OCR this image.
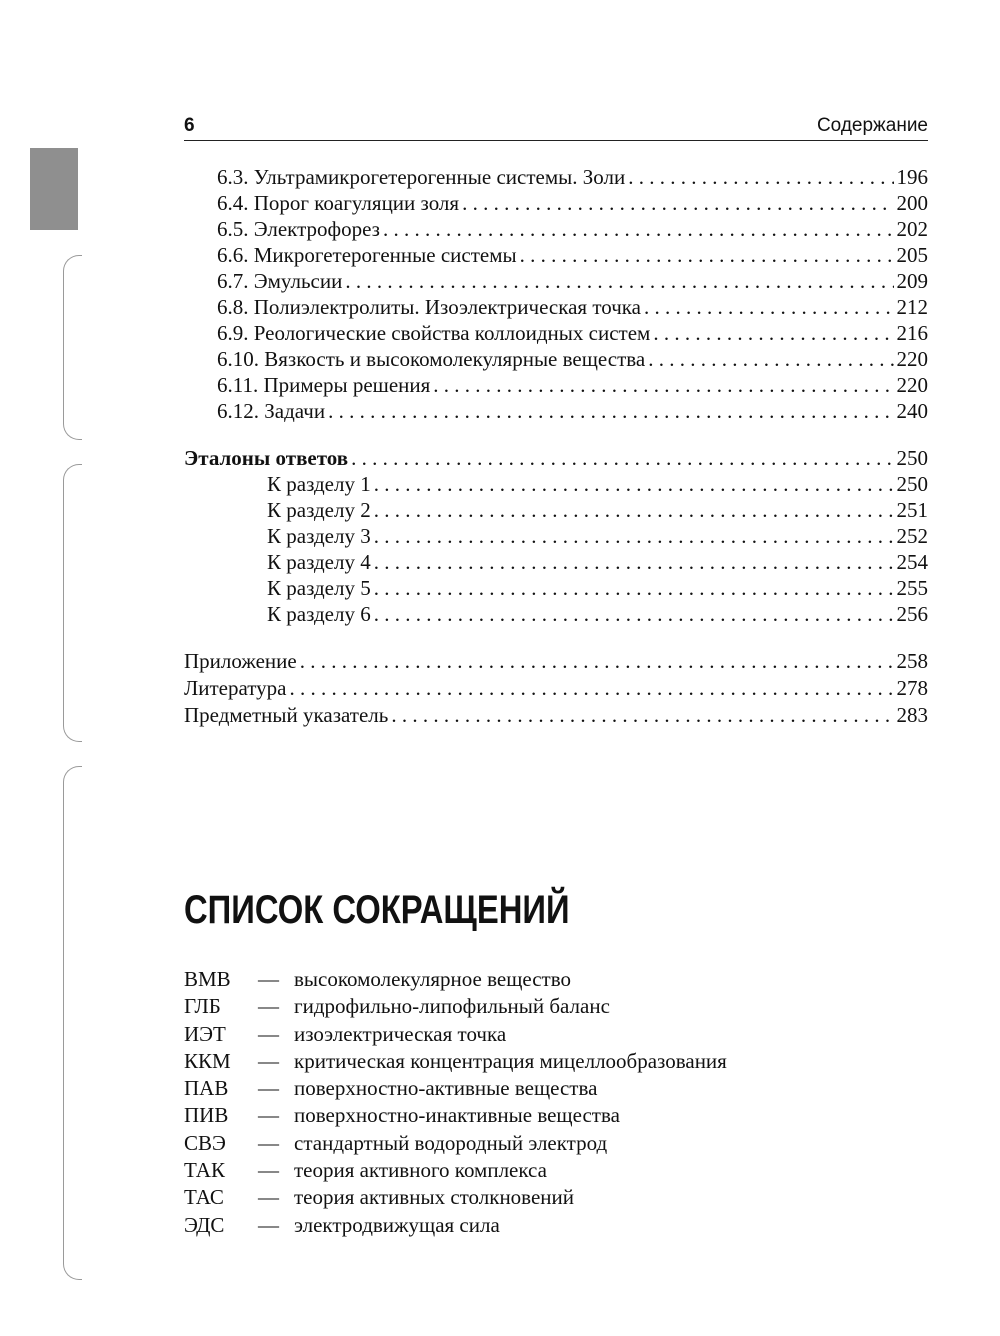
6	Содержание
6.3. Ультрамикрогетерогенные системы. Золи . . .	196
6.4. Порог коагуляции золя . . .	200
6.5. Электрофорез . . .	202
6.6. Микрогетерогенные системы . . .	205
6.7. Эмульсии . . .	209
6.8. Полиэлектролиты. Изоэлектрическая точка . . .	212
6.9. Реологические свойства коллоидных систем . . .	216
6.10. Вязкость и высокомолекулярные вещества . . .	220
6.11. Примеры решения . . .	220
6.12. Задачи . . .	240
Эталоны ответов . . .	250
К разделу 1 . . .	250
К разделу 2 . . .	251
К разделу 3 . . .	252
К разделу 4 . . .	254
К разделу 5 . . .	255
К разделу 6 . . .	256
Приложение . . .	258
Литература . . .	278
Предметный указатель . . .	283
СПИСОК СОКРАЩЕНИЙ
ВМВ	— высокомолекулярное вещество
ГЛБ	— гидрофильно-липофильный баланс
ИЭТ	— изоэлектрическая точка
ККМ	— критическая концентрация мицеллообразования
ПАВ	— поверхностно-активные вещества
ПИВ	— поверхностно-инактивные вещества
СВЭ	— стандартный водородный электрод
ТАК	— теория активного комплекса
ТАС	— теория активных столкновений
ЭДС	— электродвижущая сила
